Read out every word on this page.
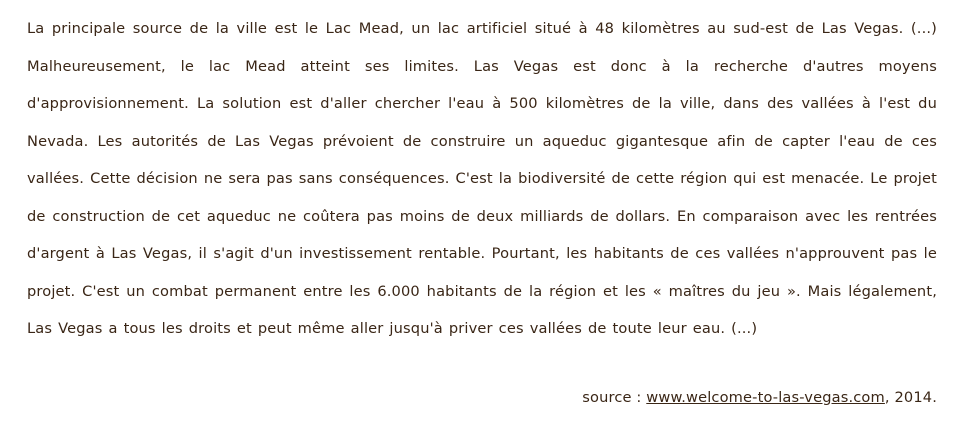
La principale source de la ville est le Lac Mead, un lac artificiel situé à 48 kilomètres au sud-est de Las Vegas. (...) Malheureusement, le lac Mead atteint ses limites. Las Vegas est donc à la recherche d'autres moyens d'approvisionnement. La solution est d'aller chercher l'eau à 500 kilomètres de la ville, dans des vallées à l'est du Nevada. Les autorités de Las Vegas prévoient de construire un aqueduc gigantesque afin de capter l'eau de ces vallées. Cette décision ne sera pas sans conséquences. C'est la biodiversité de cette région qui est menacée. Le projet de construction de cet aqueduc ne coûtera pas moins de deux milliards de dollars. En comparaison avec les rentrées d'argent à Las Vegas, il s'agit d'un investissement rentable. Pourtant, les habitants de ces vallées n'approuvent pas le projet. C'est un combat permanent entre les 6.000 habitants de la région et les « maîtres du jeu ». Mais légalement, Las Vegas a tous les droits et peut même aller jusqu'à priver ces vallées de toute leur eau. (...)

source : www.welcome-to-las-vegas.com, 2014.
